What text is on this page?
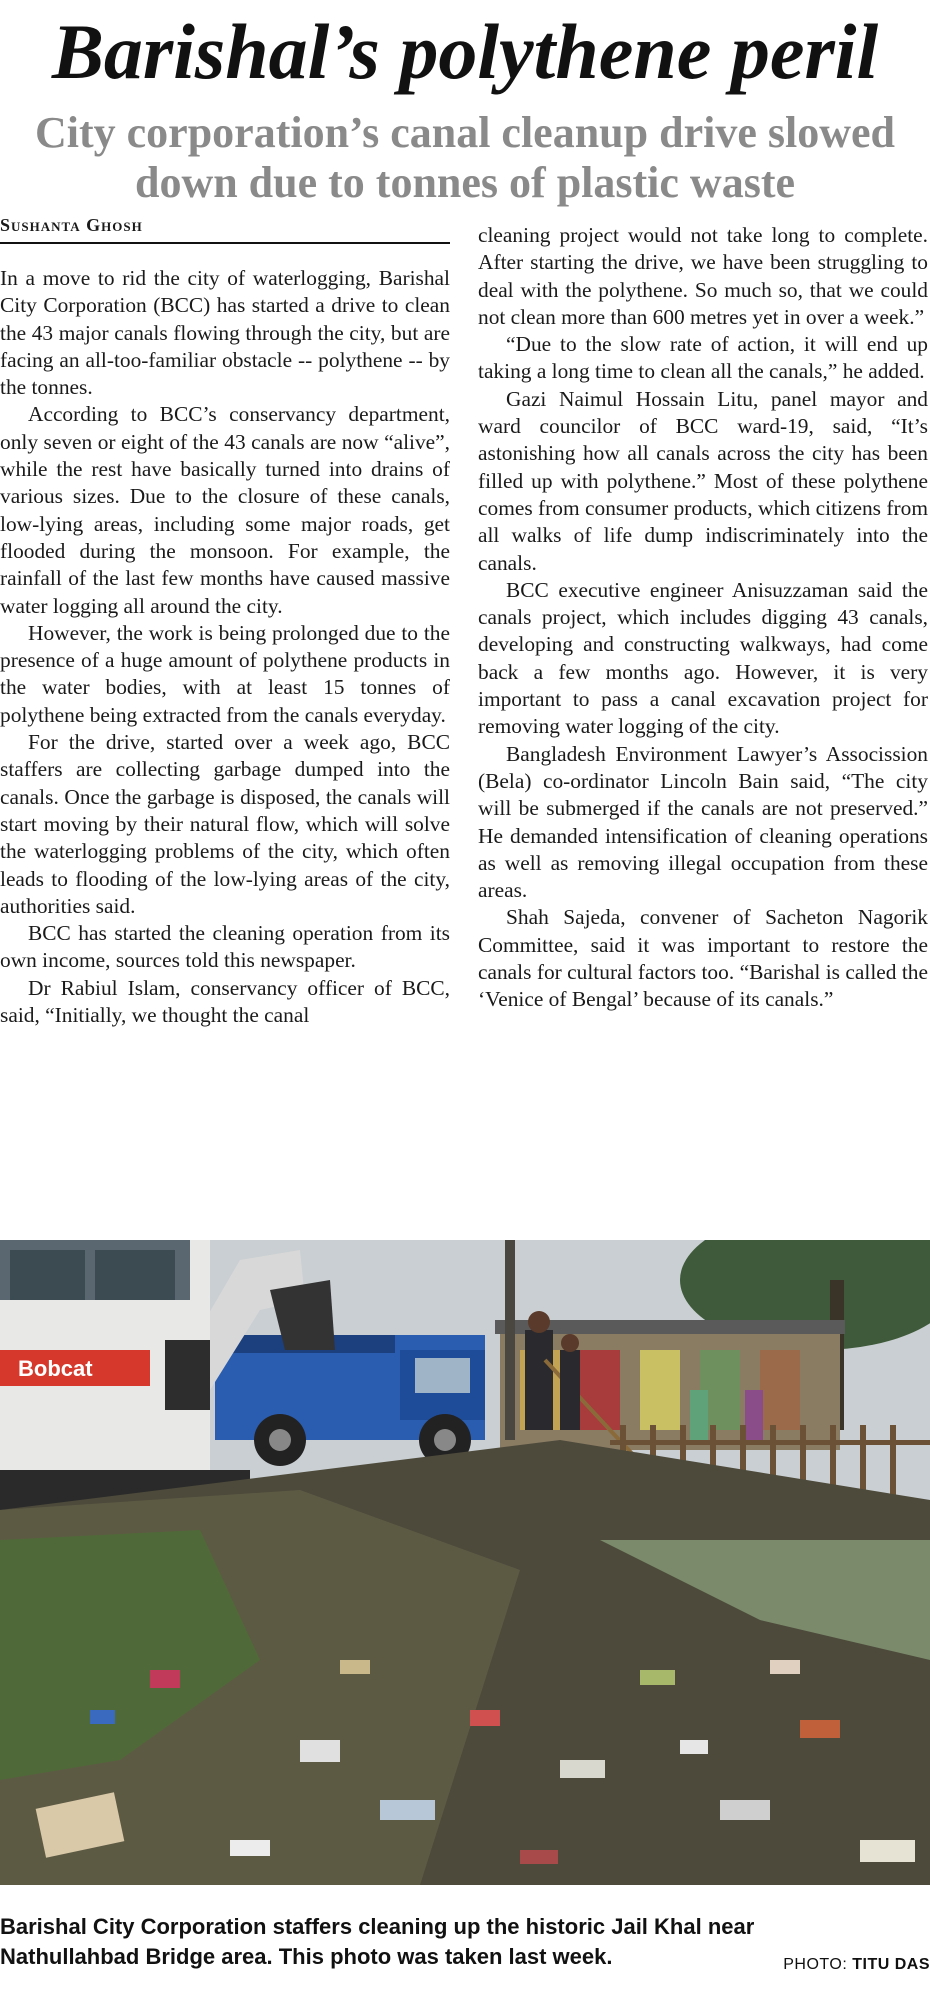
Barishal’s polythene peril
City corporation’s canal cleanup drive slowed down due to tonnes of plastic waste
Sushanta Ghosh

In a move to rid the city of waterlogging, Barishal City Corporation (BCC) has started a drive to clean the 43 major canals flowing through the city, but are facing an all-too-familiar obstacle -- polythene -- by the tonnes.

According to BCC’s conservancy department, only seven or eight of the 43 canals are now “alive”, while the rest have basically turned into drains of various sizes. Due to the closure of these canals, low-lying areas, including some major roads, get flooded during the monsoon. For example, the rainfall of the last few months have caused massive water logging all around the city.

However, the work is being prolonged due to the presence of a huge amount of polythene products in the water bodies, with at least 15 tonnes of polythene being extracted from the canals everyday.

For the drive, started over a week ago, BCC staffers are collecting garbage dumped into the canals. Once the garbage is disposed, the canals will start moving by their natural flow, which will solve the waterlogging problems of the city, which often leads to flooding of the low-lying areas of the city, authorities said.

BCC has started the cleaning operation from its own income, sources told this newspaper.

Dr Rabiul Islam, conservancy officer of BCC, said, “Initially, we thought the canal

cleaning project would not take long to complete. After starting the drive, we have been struggling to deal with the polythene. So much so, that we could not clean more than 600 metres yet in over a week.”

“Due to the slow rate of action, it will end up taking a long time to clean all the canals,” he added.

Gazi Naimul Hossain Litu, panel mayor and ward councilor of BCC ward-19, said, “It’s astonishing how all canals across the city has been filled up with polythene.” Most of these polythene comes from consumer products, which citizens from all walks of life dump indiscriminately into the canals.

BCC executive engineer Anisuzzaman said the canals project, which includes digging 43 canals, developing and constructing walkways, had come back a few months ago. However, it is very important to pass a canal excavation project for removing water logging of the city.

Bangladesh Environment Lawyer’s Assocission (Bela) co-ordinator Lincoln Bain said, “The city will be submerged if the canals are not preserved.” He demanded intensification of cleaning operations as well as removing illegal occupation from these areas.

Shah Sajeda, convener of Sacheton Nagorik Committee, said it was important to restore the canals for cultural factors too. “Barishal is called the ‘Venice of Bengal’ because of its canals.”

Bobcat
Barishal City Corporation staffers cleaning up the historic Jail Khal near Nathullahbad Bridge area. This photo was taken last week.	PHOTO: TITU DAS
